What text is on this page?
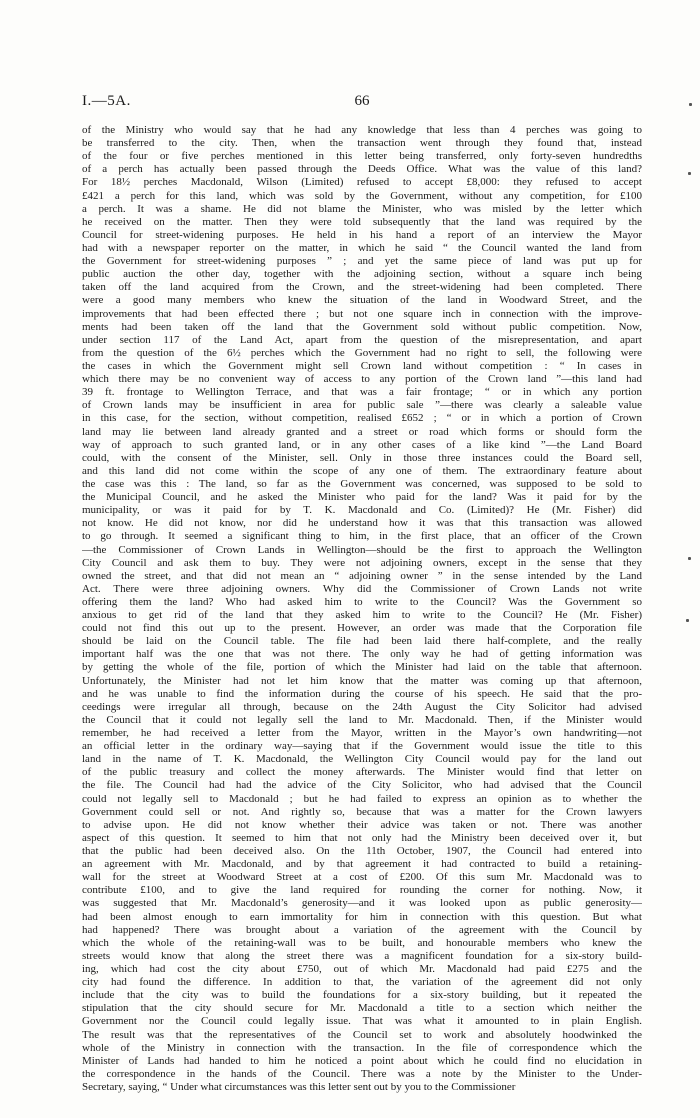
I.—5A.	66
of the Ministry who would say that he had any knowledge that less than 4 perches was going to
be transferred to the city. Then, when the transaction went through they found that, instead
of the four or five perches mentioned in this letter being transferred, only forty-seven hundredths
of a perch has actually been passed through the Deeds Office. What was the value of this land?
For 18½ perches Macdonald, Wilson (Limited) refused to accept £8,000: they refused to accept
£421 a perch for this land, which was sold by the Government, without any competition, for £100
a perch. It was a shame. He did not blame the Minister, who was misled by the letter which
he received on the matter. Then they were told subsequently that the land was required by the
Council for street-widening purposes. He held in his hand a report of an interview the Mayor
had with a newspaper reporter on the matter, in which he said “ the Council wanted the land from
the Government for street-widening purposes ” ; and yet the same piece of land was put up for
public auction the other day, together with the adjoining section, without a square inch being
taken off the land acquired from the Crown, and the street-widening had been completed. There
were a good many members who knew the situation of the land in Woodward Street, and the
improvements that had been effected there ; but not one square inch in connection with the improve-
ments had been taken off the land that the Government sold without public competition. Now,
under section 117 of the Land Act, apart from the question of the misrepresentation, and apart
from the question of the 6½ perches which the Government had no right to sell, the following were
the cases in which the Government might sell Crown land without competition : “ In cases in
which there may be no convenient way of access to any portion of the Crown land ”—this land had
39 ft. frontage to Wellington Terrace, and that was a fair frontage; “ or in which any portion
of Crown lands may be insufficient in area for public sale ”—there was clearly a saleable value
in this case, for the section, without competition, realised £652 ; “ or in which a portion of Crown
land may lie between land already granted and a street or road which forms or should form the
way of approach to such granted land, or in any other cases of a like kind ”—the Land Board
could, with the consent of the Minister, sell. Only in those three instances could the Board sell,
and this land did not come within the scope of any one of them. The extraordinary feature about
the case was this : The land, so far as the Government was concerned, was supposed to be sold to
the Municipal Council, and he asked the Minister who paid for the land? Was it paid for by the
municipality, or was it paid for by T. K. Macdonald and Co. (Limited)? He (Mr. Fisher) did
not know. He did not know, nor did he understand how it was that this transaction was allowed
to go through. It seemed a significant thing to him, in the first place, that an officer of the Crown
—the Commissioner of Crown Lands in Wellington—should be the first to approach the Wellington
City Council and ask them to buy. They were not adjoining owners, except in the sense that they
owned the street, and that did not mean an “ adjoining owner ” in the sense intended by the Land
Act. There were three adjoining owners. Why did the Commissioner of Crown Lands not write
offering them the land? Who had asked him to write to the Council? Was the Government so
anxious to get rid of the land that they asked him to write to the Council? He (Mr. Fisher)
could not find this out up to the present. However, an order was made that the Corporation file
should be laid on the Council table. The file had been laid there half-complete, and the really
important half was the one that was not there. The only way he had of getting information was
by getting the whole of the file, portion of which the Minister had laid on the table that afternoon.
Unfortunately, the Minister had not let him know that the matter was coming up that afternoon,
and he was unable to find the information during the course of his speech. He said that the pro-
ceedings were irregular all through, because on the 24th August the City Solicitor had advised
the Council that it could not legally sell the land to Mr. Macdonald. Then, if the Minister would
remember, he had received a letter from the Mayor, written in the Mayor’s own handwriting—not
an official letter in the ordinary way—saying that if the Government would issue the title to this
land in the name of T. K. Macdonald, the Wellington City Council would pay for the land out
of the public treasury and collect the money afterwards. The Minister would find that letter on
the file. The Council had had the advice of the City Solicitor, who had advised that the Council
could not legally sell to Macdonald ; but he had failed to express an opinion as to whether the
Government could sell or not. And rightly so, because that was a matter for the Crown lawyers
to advise upon. He did not know whether their advice was taken or not. There was another
aspect of this question. It seemed to him that not only had the Ministry been deceived over it, but
that the public had been deceived also. On the 11th October, 1907, the Council had entered into
an agreement with Mr. Macdonald, and by that agreement it had contracted to build a retaining-
wall for the street at Woodward Street at a cost of £200. Of this sum Mr. Macdonald was to
contribute £100, and to give the land required for rounding the corner for nothing. Now, it
was suggested that Mr. Macdonald’s generosity—and it was looked upon as public generosity—
had been almost enough to earn immortality for him in connection with this question. But what
had happened? There was brought about a variation of the agreement with the Council by
which the whole of the retaining-wall was to be built, and honourable members who knew the
streets would know that along the street there was a magnificent foundation for a six-story build-
ing, which had cost the city about £750, out of which Mr. Macdonald had paid £275 and the
city had found the difference. In addition to that, the variation of the agreement did not only
include that the city was to build the foundations for a six-story building, but it repeated the
stipulation that the city should secure for Mr. Macdonald a title to a section which neither the
Government nor the Council could legally issue. That was what it amounted to in plain English.
The result was that the representatives of the Council set to work and absolutely hoodwinked the
whole of the Ministry in connection with the transaction. In the file of correspondence which the
Minister of Lands had handed to him he noticed a point about which he could find no elucidation in
the correspondence in the hands of the Council. There was a note by the Minister to the Under-
Secretary, saying, “ Under what circumstances was this letter sent out by you to the Commissioner
